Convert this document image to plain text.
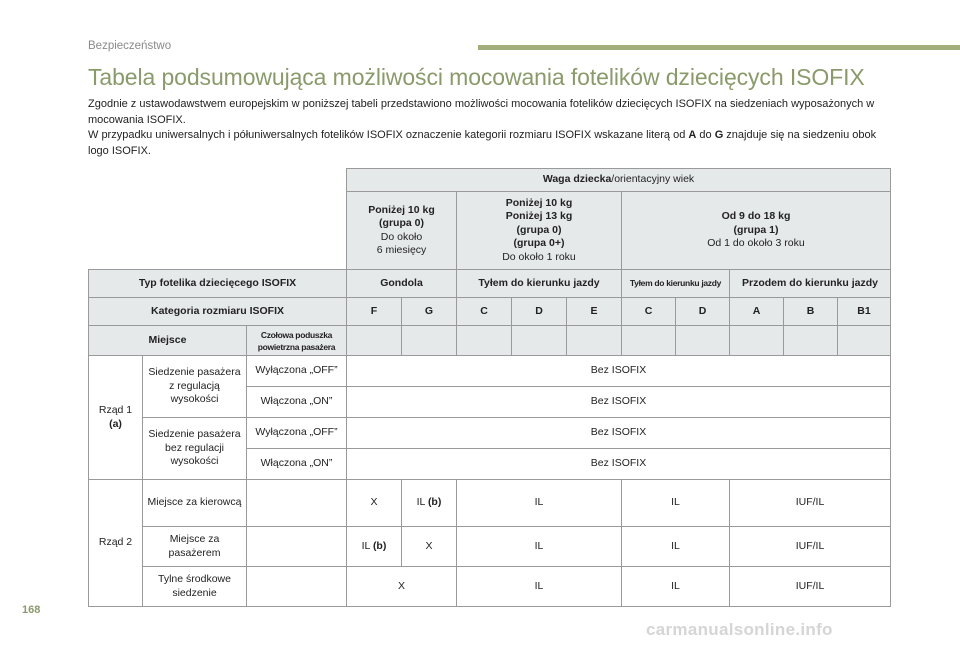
Bezpieczeństwo
Tabela podsumowująca możliwości mocowania fotelików dziecięcych ISOFIX

Zgodnie z ustawodawstwem europejskim w poniższej tabeli przedstawiono możliwości mocowania fotelików dziecięcych ISOFIX na siedzeniach wyposażonych w mocowania ISOFIX.

W przypadku uniwersalnych i półuniwersalnych fotelików ISOFIX oznaczenie kategorii rozmiaru ISOFIX wskazane literą od A do G znajduje się na siedzeniu obok logo ISOFIX.

			Waga dziecka/orientacyjny wiek									
			Poniżej 10 kg
(grupa 0)
Do około
6 miesięcy		Poniżej 10 kg
Poniżej 13 kg
(grupa 0)
(grupa 0+)
Do około 1 roku			Od 9 do 18 kg
(grupa 1)
Od 1 do około 3 roku				
Typ fotelika dziecięcego ISOFIX			Gondola		Tyłem do kierunku jazdy			Tyłem do kierunku jazdy		Przodem do kierunku jazdy		
Kategoria rozmiaru ISOFIX			F	G	C	D	E	C	D	A	B	B1
Miejsce		Czołowa poduszka powietrzna pasażera										
Rząd 1
(a)	Siedzenie pasażera z regulacją wysokości	Wyłączona „OFF”	Bez ISOFIX									
		Włączona „ON”	Bez ISOFIX									
	Siedzenie pasażera bez regulacji wysokości	Wyłączona „OFF”	Bez ISOFIX									
		Włączona „ON”	Bez ISOFIX									
Rząd 2	Miejsce za kierowcą		X	IL (b)	IL			IL		IUF/IL		
	Miejsce za pasażerem		IL (b)	X	IL			IL		IUF/IL		
	Tylne środkowe siedzenie		X		IL			IL		IUF/IL		
168
carmanualsonline.info
